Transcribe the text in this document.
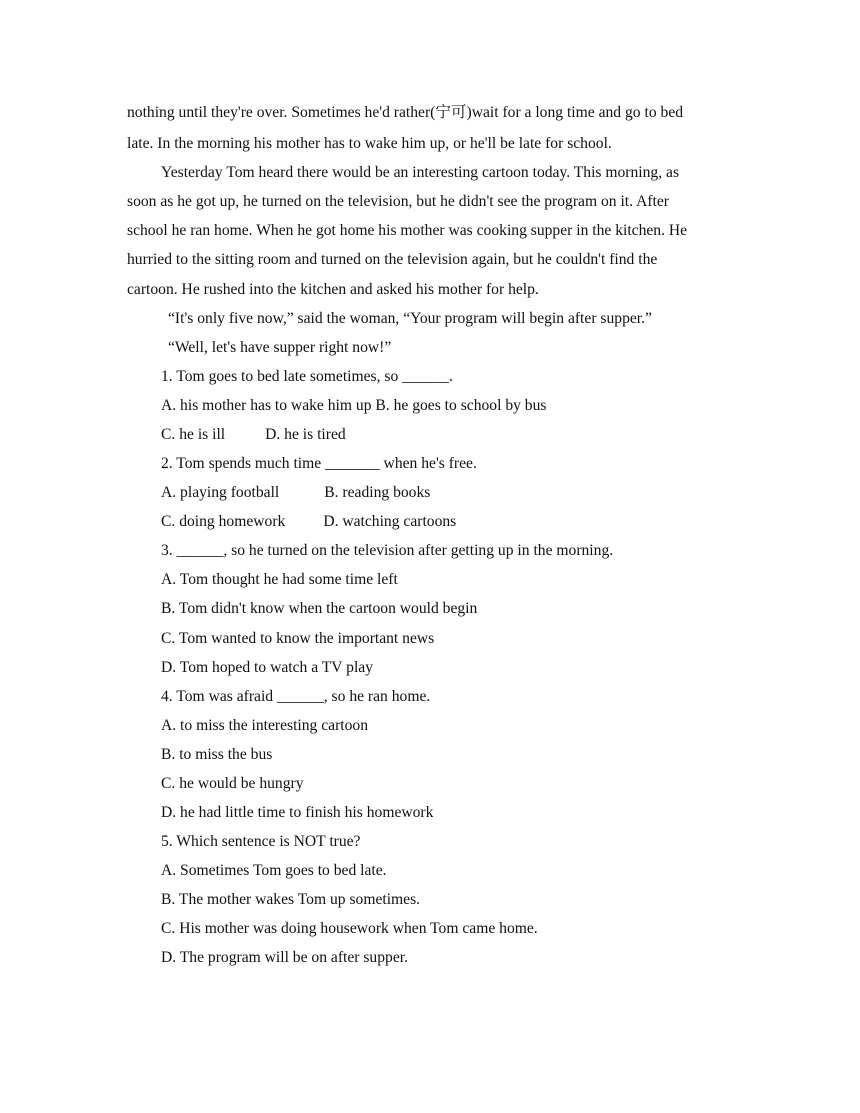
nothing until they're over. Sometimes he'd rather(宁可)wait for a long time and go to bed
late. In the morning his mother has to wake him up, or he'll be late for school.
Yesterday Tom heard there would be an interesting cartoon today. This morning, as
soon as he got up, he turned on the television, but he didn't see the program on it. After
school he ran home. When he got home his mother was cooking supper in the kitchen. He
hurried to the sitting room and turned on the television again, but he couldn't find the
cartoon. He rushed into the kitchen and asked his mother for help.
“It's only five now,” said the woman, “Your program will begin after supper.”
“Well, let's have supper right now!”
1. Tom goes to bed late sometimes, so ______.
A. his mother has to wake him up B. he goes to school by bus
C. he is ill	D. he is tired
2. Tom spends much time _______ when he's free.
A. playing football	B. reading books
C. doing homework D. watching cartoons
3. ______, so he turned on the television after getting up in the morning.
A. Tom thought he had some time left
B. Tom didn't know when the cartoon would begin
C. Tom wanted to know the important news
D. Tom hoped to watch a TV play
4. Tom was afraid ______, so he ran home.
A. to miss the interesting cartoon
B. to miss the bus
C. he would be hungry
D. he had little time to finish his homework
5. Which sentence is NOT true?
A. Sometimes Tom goes to bed late.
B. The mother wakes Tom up sometimes.
C. His mother was doing housework when Tom came home.
D. The program will be on after supper.
